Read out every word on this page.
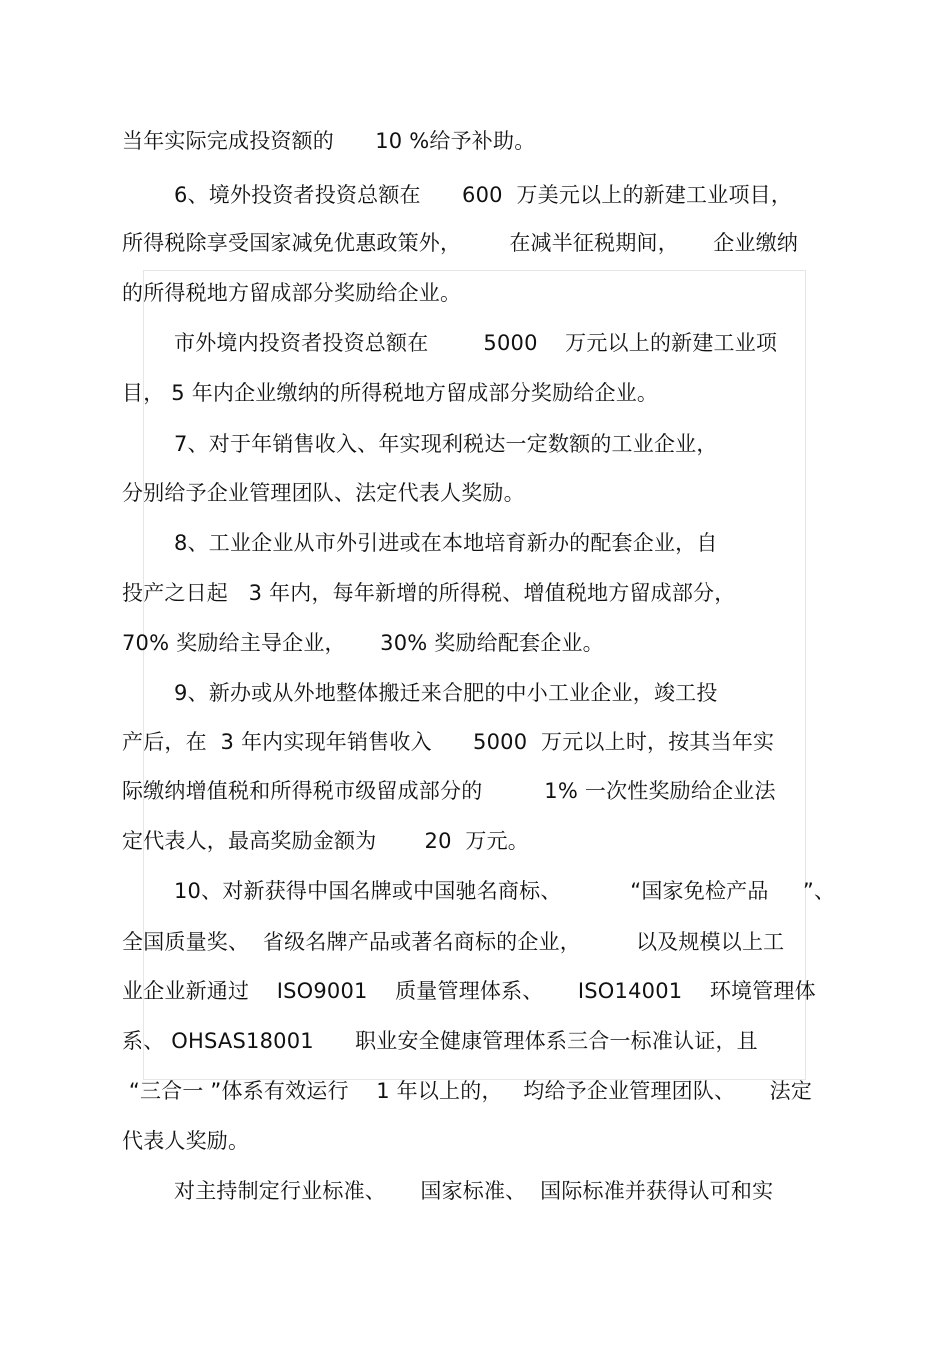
当年实际完成投资额的      10 %给予补助。
6、境外投资者投资总额在      600  万美元以上的新建工业项目，
所得税除享受国家减免优惠政策外，       在减半征税期间，     企业缴纳
的所得税地方留成部分奖励给企业。
市外境内投资者投资总额在        5000    万元以上的新建工业项
目， 5 年内企业缴纳的所得税地方留成部分奖励给企业。
7、对于年销售收入、年实现利税达一定数额的工业企业，
分别给予企业管理团队、法定代表人奖励。
8、工业企业从市外引进或在本地培育新办的配套企业，自
投产之日起   3 年内，每年新增的所得税、增值税地方留成部分，
70% 奖励给主导企业，     30% 奖励给配套企业。
9、新办或从外地整体搬迁来合肥的中小工业企业，竣工投
产后，在  3 年内实现年销售收入      5000  万元以上时，按其当年实
际缴纳增值税和所得税市级留成部分的         1% 一次性奖励给企业法
定代表人，最高奖励金额为       20  万元。
10、对新获得中国名牌或中国驰名商标、          “国家免检产品     ”、
全国质量奖、  省级名牌产品或著名商标的企业，        以及规模以上工
业企业新通过    ISO9001    质量管理体系、     ISO14001    环境管理体
系、 OHSAS18001      职业安全健康管理体系三合一标准认证，且
“三合一 ”体系有效运行    1 年以上的，   均给予企业管理团队、     法定
代表人奖励。
对主持制定行业标准、     国家标准、  国际标准并获得认可和实
